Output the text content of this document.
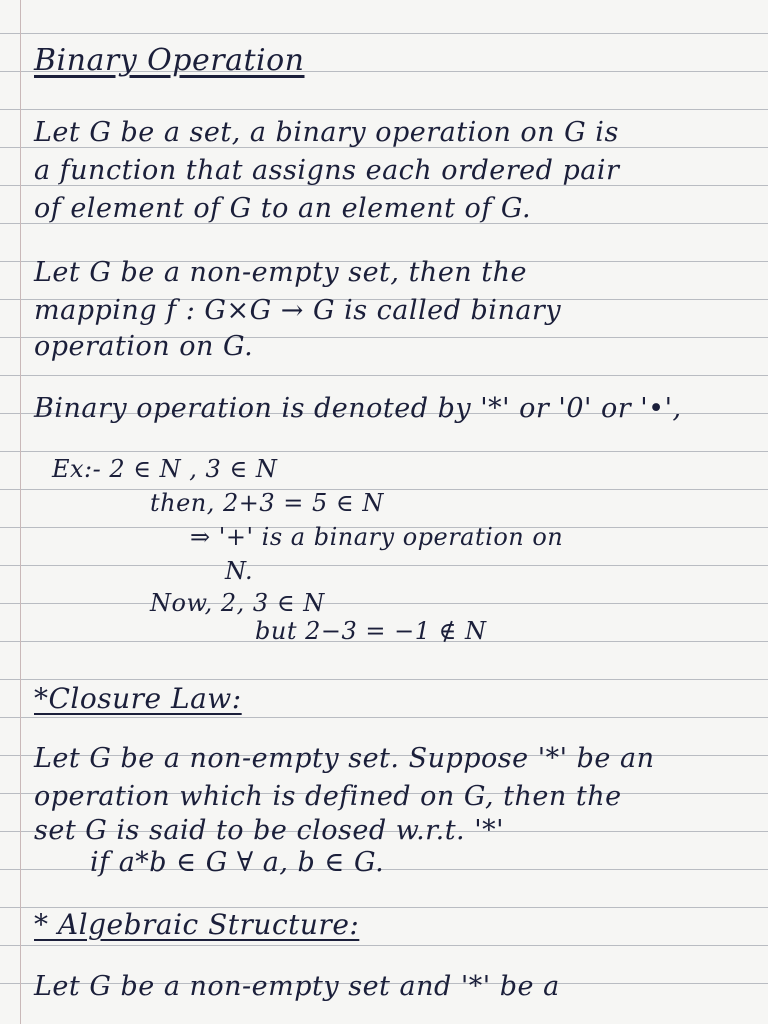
Binary Operation
Let G be a set, a binary operation on G is
a function that assigns each ordered pair
of element of G to an element of G.
Let G be a non-empty set, then the
mapping f : G×G → G is called binary
operation on G.
Binary operation is denoted by '*' or '0' or '•',
Ex:- 2 ∈ N , 3 ∈ N
then, 2+3 = 5 ∈ N
⇒ '+' is a binary operation on
N.
Now, 2, 3 ∈ N
but 2−3 = −1 ∉ N
*Closure Law:
Let G be a non-empty set. Suppose '*' be an
operation which is defined on G, then the
set G is said to be closed w.r.t. '*'
if a*b ∈ G ∀ a, b ∈ G.
* Algebraic Structure:
Let G be a non-empty set and '*' be a
